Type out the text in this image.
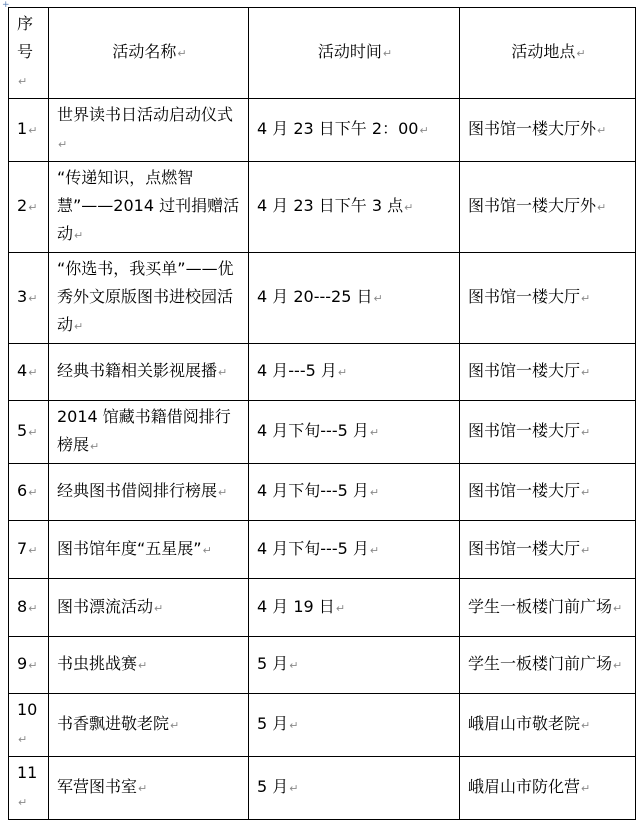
+
序号↵	活动名称↵	活动时间↵	活动地点↵
1↵	世界读书日活动启动仪式↵	4 月 23 日下午 2：00↵	图书馆一楼大厅外↵
2↵	“传递知识，点燃智慧”——2014 过刊捐赠活动↵	4 月 23 日下午 3 点↵	图书馆一楼大厅外↵
3↵	“你选书，我买单”——优秀外文原版图书进校园活动↵	4 月 20---25 日↵	图书馆一楼大厅↵
4↵	经典书籍相关影视展播↵	4 月---5 月↵	图书馆一楼大厅↵
5↵	2014 馆藏书籍借阅排行榜展↵	4 月下旬---5 月↵	图书馆一楼大厅↵
6↵	经典图书借阅排行榜展↵	4 月下旬---5 月↵	图书馆一楼大厅↵
7↵	图书馆年度“五星展”↵	4 月下旬---5 月↵	图书馆一楼大厅↵
8↵	图书漂流活动↵	4 月 19 日↵	学生一板楼门前广场↵
9↵	书虫挑战赛↵	5 月↵	学生一板楼门前广场↵
10↵	书香飘进敬老院↵	5 月↵	峨眉山市敬老院↵
11↵	军营图书室↵	5 月↵	峨眉山市防化营↵
